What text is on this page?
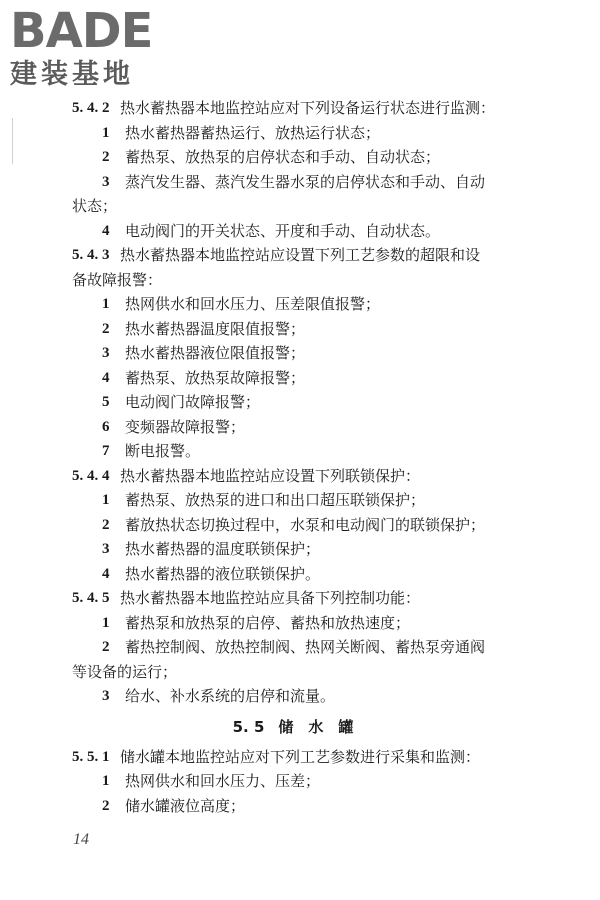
BADE
建装基地
5. 4. 2 热水蓄热器本地监控站应对下列设备运行状态进行监测：
1 热水蓄热器蓄热运行、放热运行状态；
2 蓄热泵、放热泵的启停状态和手动、自动状态；
3 蒸汽发生器、蒸汽发生器水泵的启停状态和手动、自动
状态；
4 电动阀门的开关状态、开度和手动、自动状态。
5. 4. 3 热水蓄热器本地监控站应设置下列工艺参数的超限和设
备故障报警：
1 热网供水和回水压力、压差限值报警；
2 热水蓄热器温度限值报警；
3 热水蓄热器液位限值报警；
4 蓄热泵、放热泵故障报警；
5 电动阀门故障报警；
6 变频器故障报警；
7 断电报警。
5. 4. 4 热水蓄热器本地监控站应设置下列联锁保护：
1 蓄热泵、放热泵的进口和出口超压联锁保护；
2 蓄放热状态切换过程中，水泵和电动阀门的联锁保护；
3 热水蓄热器的温度联锁保护；
4 热水蓄热器的液位联锁保护。
5. 4. 5 热水蓄热器本地监控站应具备下列控制功能：
1 蓄热泵和放热泵的启停、蓄热和放热速度；
2 蓄热控制阀、放热控制阀、热网关断阀、蓄热泵旁通阀
等设备的运行；
3 给水、补水系统的启停和流量。
5. 5 储　水　罐
5. 5. 1 储水罐本地监控站应对下列工艺参数进行采集和监测：
1 热网供水和回水压力、压差；
2 储水罐液位高度；
14
